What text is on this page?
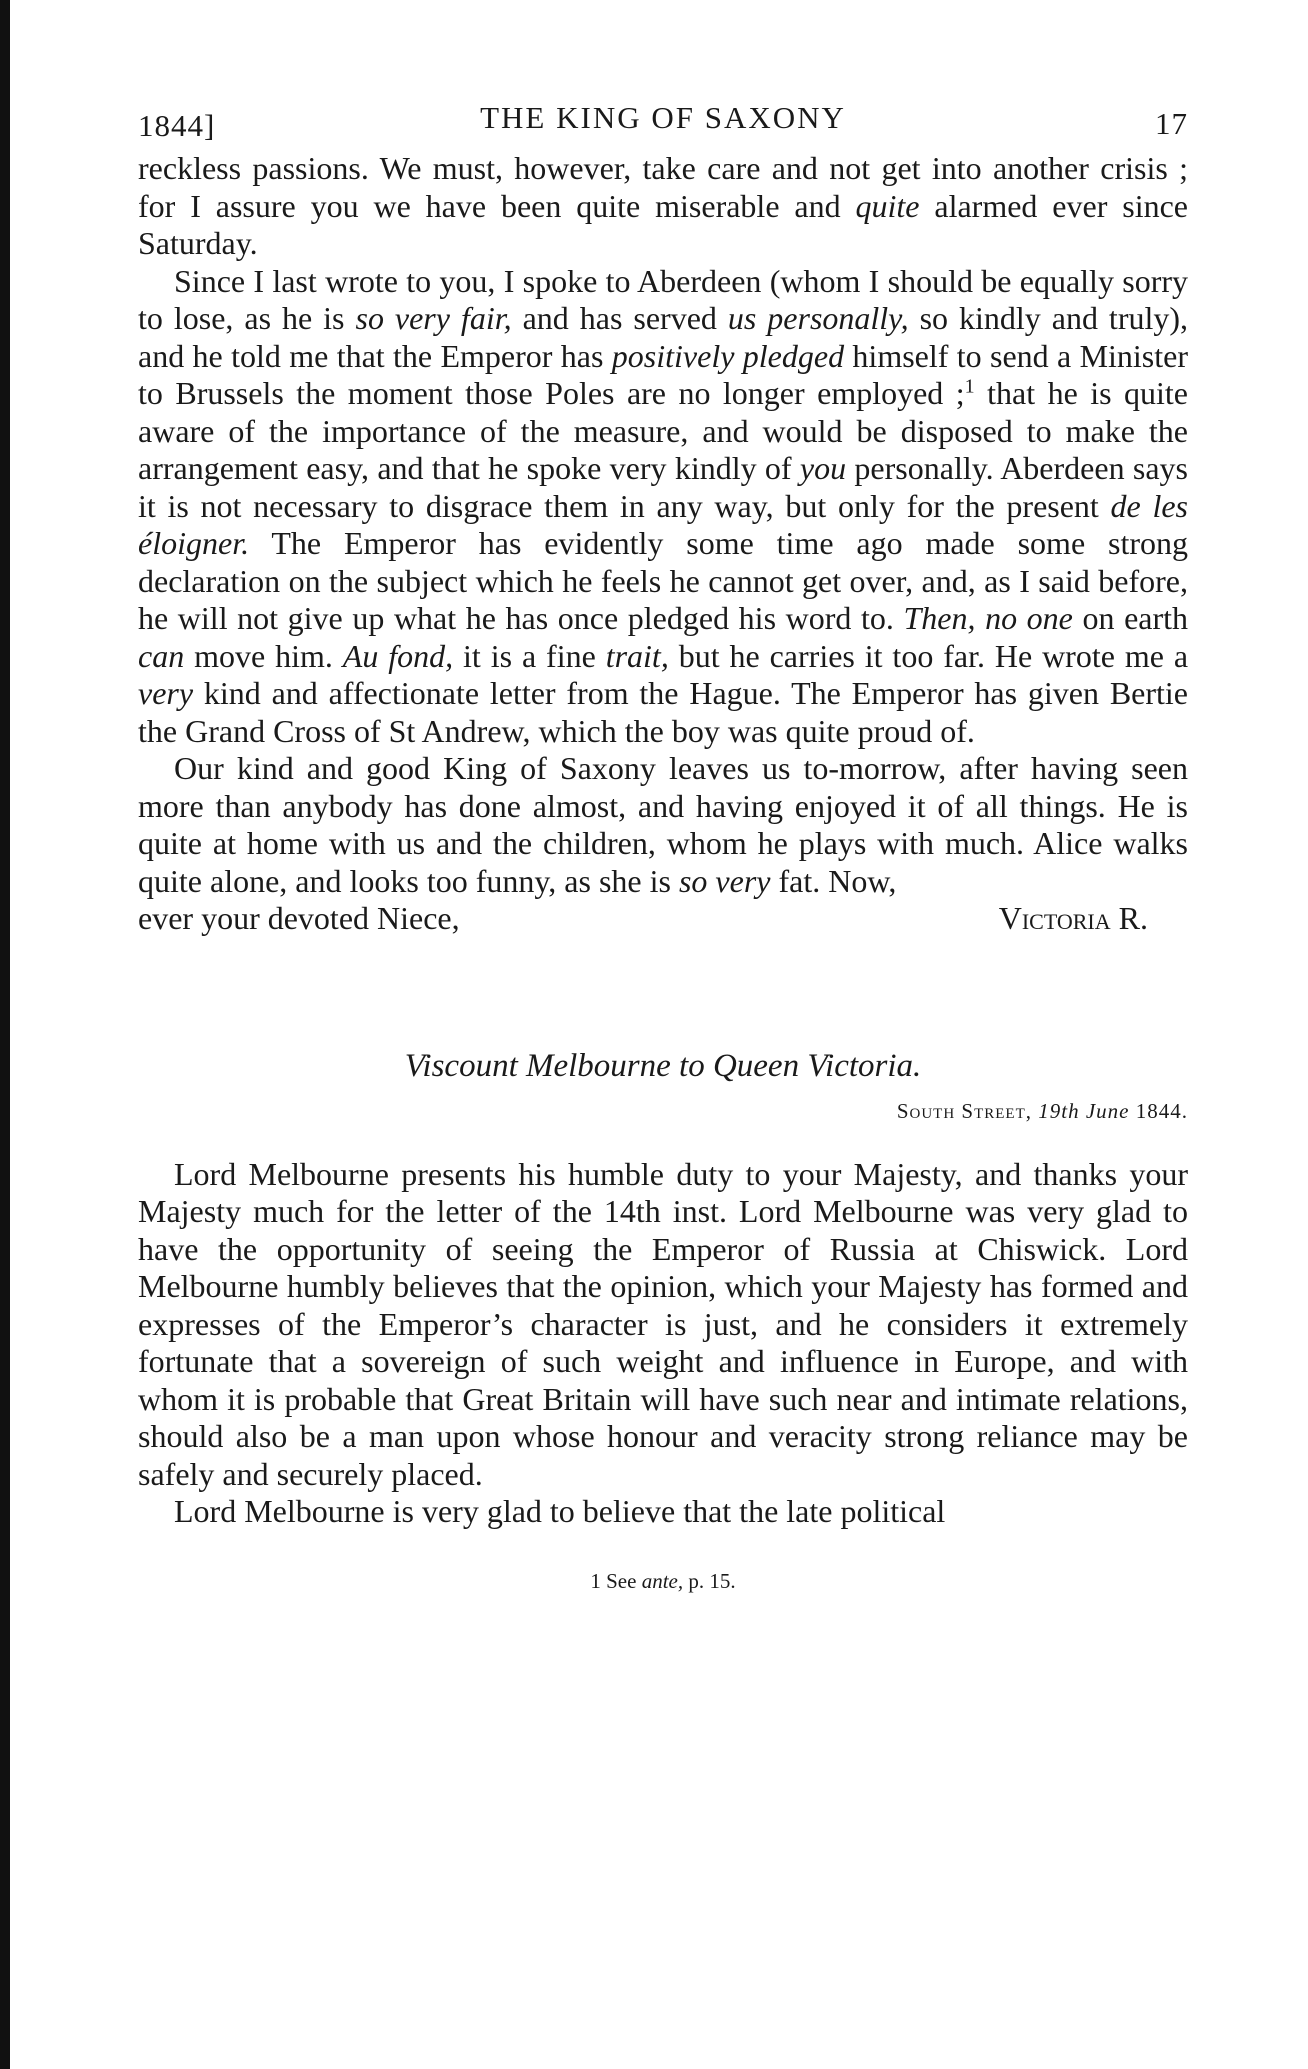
1844]	THE KING OF SAXONY	17

reckless passions. We must, however, take care and not get into another crisis ; for I assure you we have been quite miserable and quite alarmed ever since Saturday.

Since I last wrote to you, I spoke to Aberdeen (whom I should be equally sorry to lose, as he is so very fair, and has served us personally, so kindly and truly), and he told me that the Emperor has positively pledged himself to send a Minister to Brussels the moment those Poles are no longer employed ;$^1$ that he is quite aware of the importance of the measure, and would be disposed to make the arrangement easy, and that he spoke very kindly of you personally. Aberdeen says it is not necessary to disgrace them in any way, but only for the present de les éloigner. The Emperor has evidently some time ago made some strong declaration on the subject which he feels he cannot get over, and, as I said before, he will not give up what he has once pledged his word to. Then, no one on earth can move him. Au fond, it is a fine trait, but he carries it too far. He wrote me a very kind and affectionate letter from the Hague. The Emperor has given Bertie the Grand Cross of St Andrew, which the boy was quite proud of.

Our kind and good King of Saxony leaves us to-morrow, after having seen more than anybody has done almost, and having enjoyed it of all things. He is quite at home with us and the children, whom he plays with much. Alice walks quite alone, and looks too funny, as she is so very fat. Now,

ever your devoted Niece,	Victoria R.
Viscount Melbourne to Queen Victoria.
South Street, 19th June 1844.

Lord Melbourne presents his humble duty to your Majesty, and thanks your Majesty much for the letter of the 14th inst. Lord Melbourne was very glad to have the opportunity of seeing the Emperor of Russia at Chiswick. Lord Melbourne humbly believes that the opinion, which your Majesty has formed and expresses of the Emperor’s character is just, and he considers it extremely fortunate that a sovereign of such weight and influence in Europe, and with whom it is probable that Great Britain will have such near and intimate relations, should also be a man upon whose honour and veracity strong reliance may be safely and securely placed.

Lord Melbourne is very glad to believe that the late political

1 See ante, p. 15.
